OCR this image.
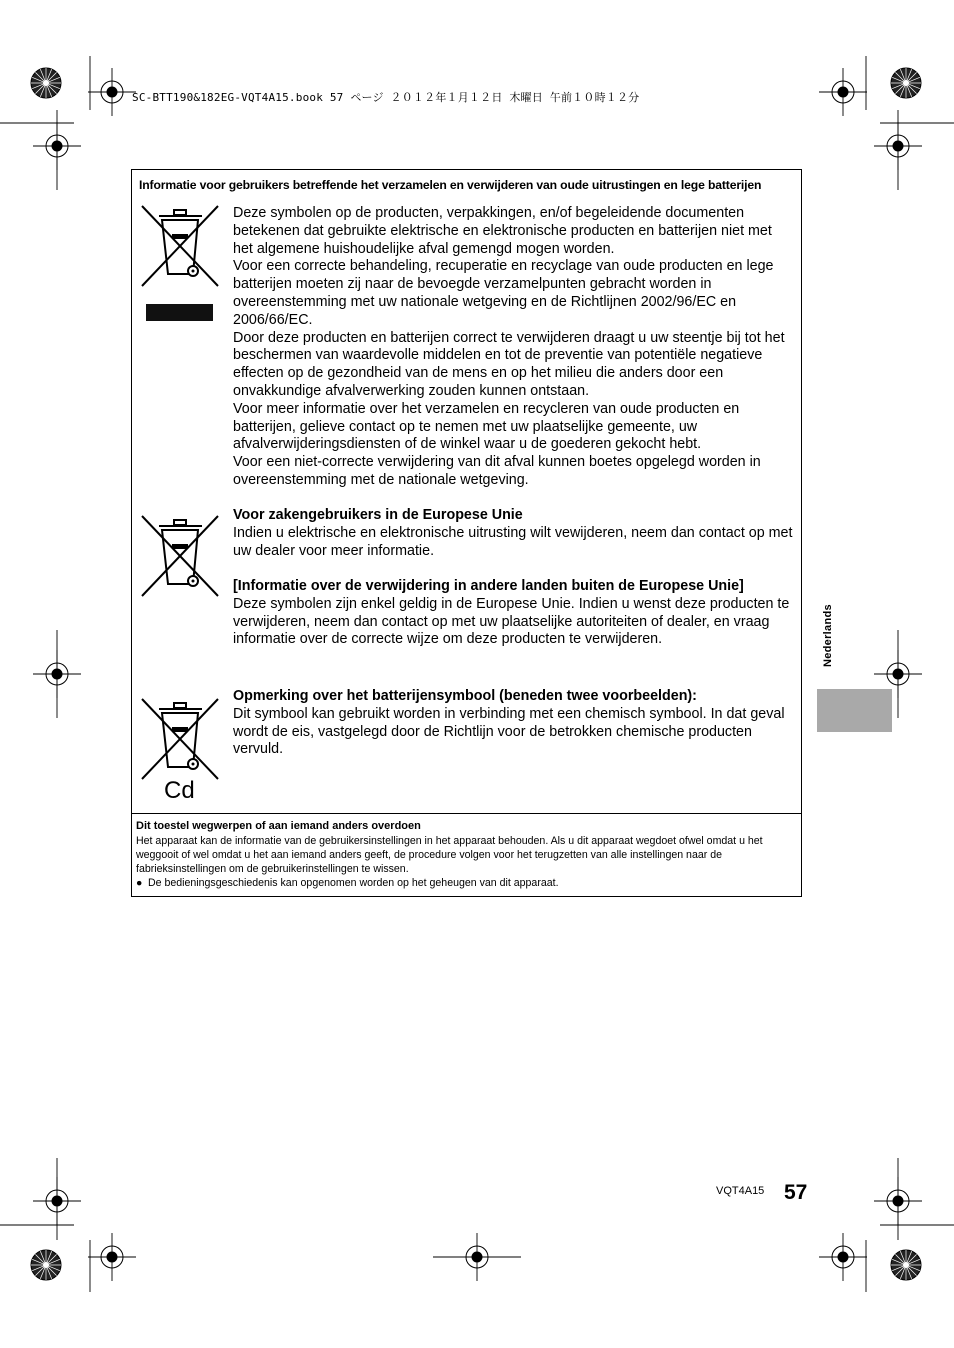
SC-BTT190&182EG-VQT4A15.book 57 ページ ２０１２年１月１２日 木曜日 午前１０時１２分
Informatie voor gebruikers betreffende het verzamelen en verwijderen van oude uitrustingen en lege batterijen
Cd

Deze symbolen op de producten, verpakkingen, en/of begeleidende documenten betekenen dat gebruikte elektrische en elektronische producten en batterijen niet met het algemene huishoudelijke afval gemengd mogen worden.

Voor een correcte behandeling, recuperatie en recyclage van oude producten en lege batterijen moeten zij naar de bevoegde verzamelpunten gebracht worden in overeenstemming met uw nationale wetgeving en de Richtlijnen 2002/96/EC en 2006/66/EC.

Door deze producten en batterijen correct te verwijderen draagt u uw steentje bij tot het beschermen van waardevolle middelen en tot de preventie van potentiële negatieve effecten op de gezondheid van de mens en op het milieu die anders door een onvakkundige afvalverwerking zouden kunnen ontstaan.

Voor meer informatie over het verzamelen en recycleren van oude producten en batterijen, gelieve contact op te nemen met uw plaatselijke gemeente, uw afvalverwijderingsdiensten of de winkel waar u de goederen gekocht hebt.

Voor een niet-correcte verwijdering van dit afval kunnen boetes opgelegd worden in overeenstemming met de nationale wetgeving.

Voor zakengebruikers in de Europese Unie

Indien u elektrische en elektronische uitrusting wilt vewijderen, neem dan contact op met uw dealer voor meer informatie.

[Informatie over de verwijdering in andere landen buiten de Europese Unie]

Deze symbolen zijn enkel geldig in de Europese Unie. Indien u wenst deze producten te verwijderen, neem dan contact op met uw plaatselijke autoriteiten of dealer, en vraag informatie over de correcte wijze om deze producten te verwijderen.

Opmerking over het batterijensymbool (beneden twee voorbeelden):

Dit symbool kan gebruikt worden in verbinding met een chemisch symbool. In dat geval wordt de eis, vastgelegd door de Richtlijn voor de betrokken chemische producten vervuld.

Dit toestel wegwerpen of aan iemand anders overdoen

Het apparaat kan de informatie van de gebruikersinstellingen in het apparaat behouden. Als u dit apparaat wegdoet ofwel omdat u het weggooit of wel omdat u het aan iemand anders geeft, de procedure volgen voor het terugzetten van alle instellingen naar de fabrieksinstellingen om de gebruikerinstellingen te wissen.

● De bedieningsgeschiedenis kan opgenomen worden op het geheugen van dit apparaat.
Nederlands
VQT4A15 57
